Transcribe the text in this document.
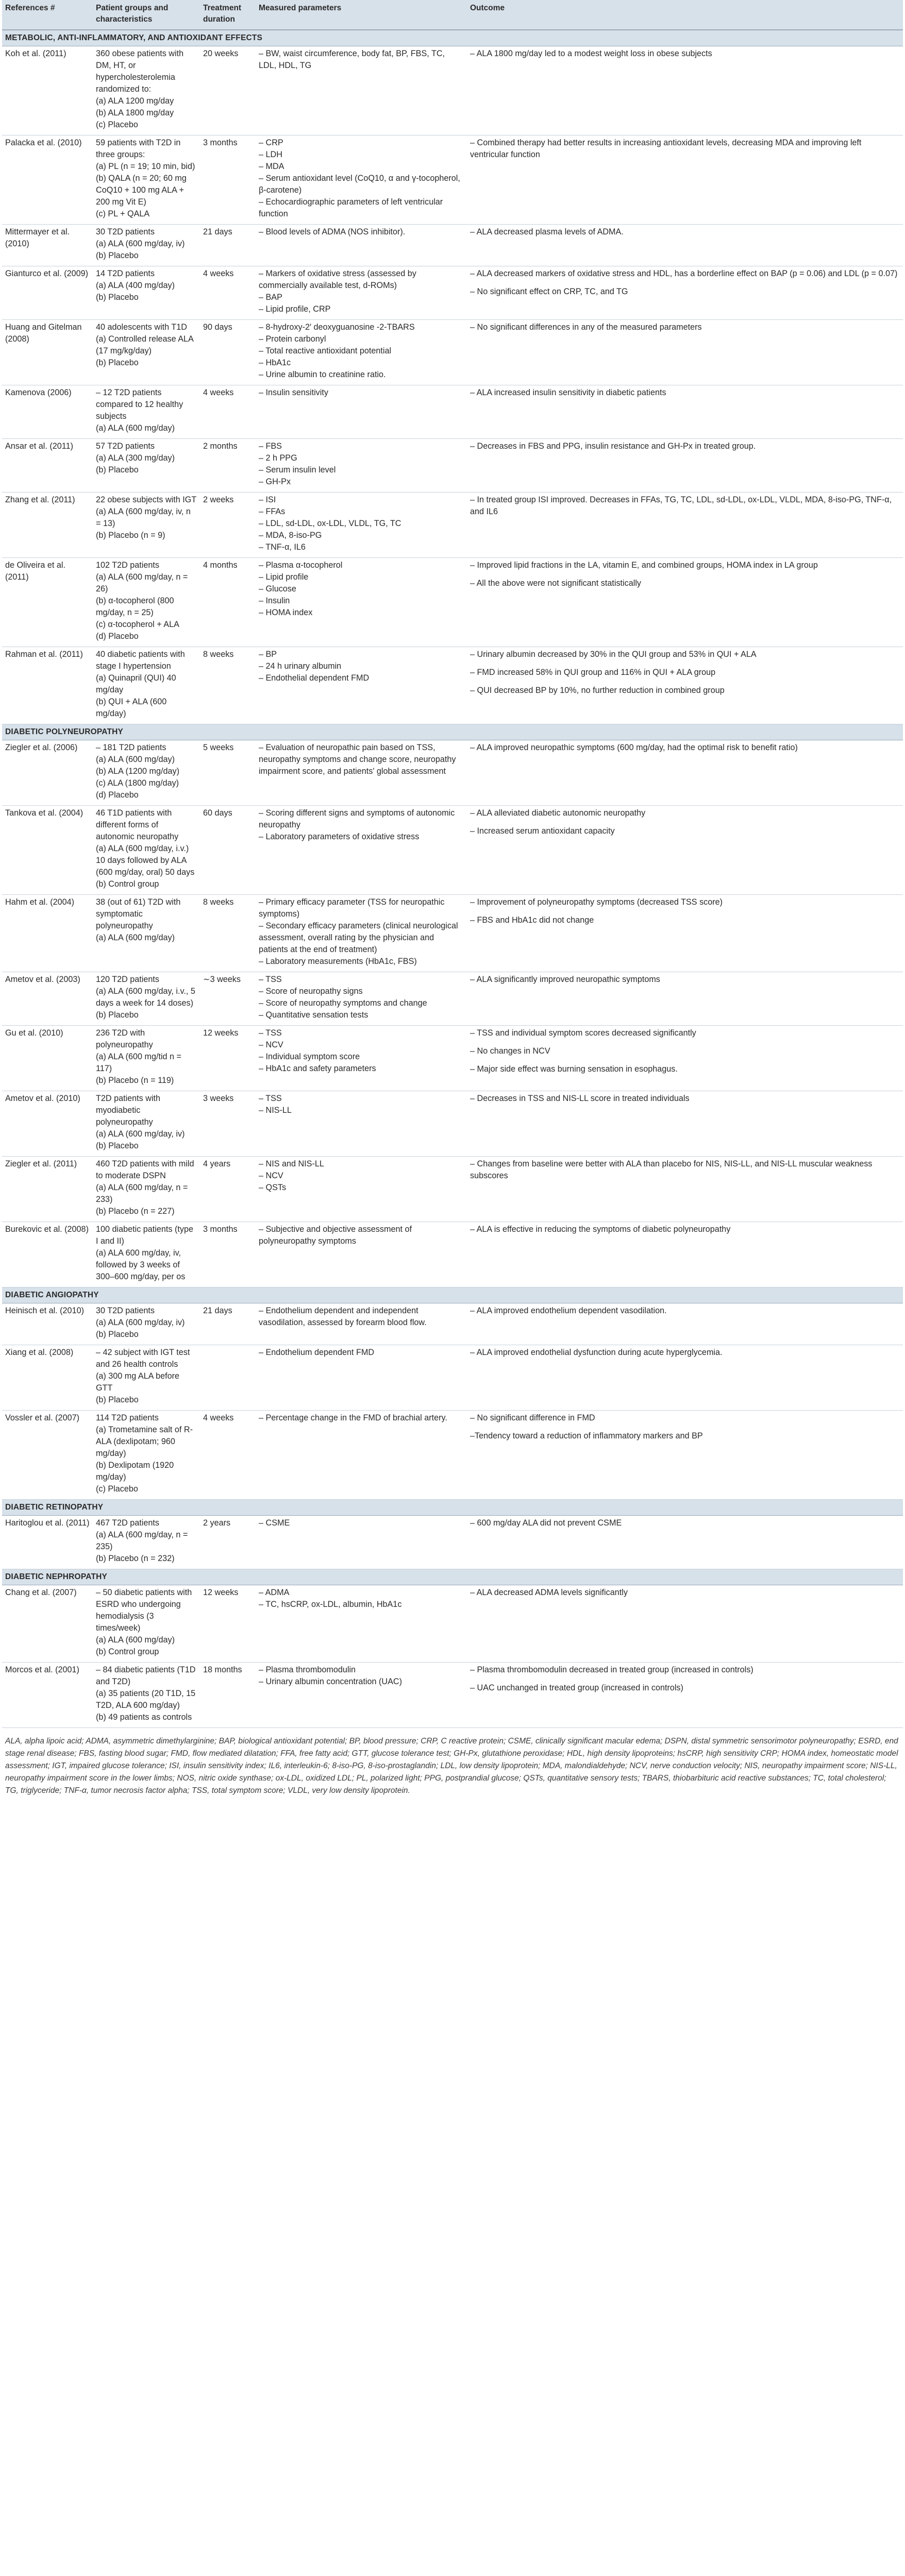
References #	Patient groups and characteristics	Treatment duration	Measured parameters	Outcome
METABOLIC, ANTI-INFLAMMATORY, AND ANTIOXIDANT EFFECTS				
Koh et al. (2011)	360 obese patients with DM, HT, or hypercholesterolemia randomized to:
(a) ALA 1200 mg/day
(b) ALA 1800 mg/day
(c) Placebo	20 weeks	– BW, waist circumference, body fat, BP, FBS, TC, LDL, HDL, TG	– ALA 1800 mg/day led to a modest weight loss in obese subjects

Palacka et al. (2010)	59 patients with T2D in three groups:
(a) PL (n = 19; 10 min, bid)
(b) QALA (n = 20; 60 mg CoQ10 + 100 mg ALA + 200 mg Vit E)
(c) PL + QALA	3 months	– CRP
– LDH
– MDA
– Serum antioxidant level (CoQ10, α and γ-tocopherol, β-carotene)
– Echocardiographic parameters of left ventricular function	– Combined therapy had better results in increasing antioxidant levels, decreasing MDA and improving left ventricular function

Mittermayer et al. (2010)	30 T2D patients
(a) ALA (600 mg/day, iv)
(b) Placebo	21 days	– Blood levels of ADMA (NOS inhibitor).	– ALA decreased plasma levels of ADMA.

Gianturco et al. (2009)	14 T2D patients
(a) ALA (400 mg/day)
(b) Placebo	4 weeks	– Markers of oxidative stress (assessed by commercially available test, d-ROMs)
– BAP
– Lipid profile, CRP	– ALA decreased markers of oxidative stress and HDL, has a borderline effect on BAP (p = 0.06) and LDL (p = 0.07)
– No significant effect on CRP, TC, and TG

Huang and Gitelman (2008)	40 adolescents with T1D
(a) Controlled release ALA (17 mg/kg/day)
(b) Placebo	90 days	– 8-hydroxy-2′ deoxyguanosine -2-TBARS
– Protein carbonyl
– Total reactive antioxidant potential
– HbA1c
– Urine albumin to creatinine ratio.	– No significant differences in any of the measured parameters

Kamenova (2006)	– 12 T2D patients compared to 12 healthy subjects
(a) ALA (600 mg/day)	4 weeks	– Insulin sensitivity	– ALA increased insulin sensitivity in diabetic patients

Ansar et al. (2011)	57 T2D patients
(a) ALA (300 mg/day)
(b) Placebo	2 months	– FBS
– 2 h PPG
– Serum insulin level
– GH-Px	– Decreases in FBS and PPG, insulin resistance and GH-Px in treated group.

Zhang et al. (2011)	22 obese subjects with IGT
(a) ALA (600 mg/day, iv, n = 13)
(b) Placebo (n = 9)	2 weeks	– ISI
– FFAs
– LDL, sd-LDL, ox-LDL, VLDL, TG, TC
– MDA, 8-iso-PG
– TNF-α, IL6	– In treated group ISI improved. Decreases in FFAs, TG, TC, LDL, sd-LDL, ox-LDL, VLDL, MDA, 8-iso-PG, TNF-α, and IL6

de Oliveira et al. (2011)	102 T2D patients
(a) ALA (600 mg/day, n = 26)
(b) α-tocopherol (800 mg/day, n = 25)
(c) α-tocopherol + ALA
(d) Placebo	4 months	– Plasma α-tocopherol
– Lipid profile
– Glucose
– Insulin
– HOMA index	– Improved lipid fractions in the LA, vitamin E, and combined groups, HOMA index in LA group
– All the above were not significant statistically

Rahman et al. (2011)	40 diabetic patients with stage I hypertension
(a) Quinapril (QUI) 40 mg/day
(b) QUI + ALA (600 mg/day)	8 weeks	– BP
– 24 h urinary albumin
– Endothelial dependent FMD	– Urinary albumin decreased by 30% in the QUI group and 53% in QUI + ALA
– FMD increased 58% in QUI group and 116% in QUI + ALA group
– QUI decreased BP by 10%, no further reduction in combined group

DIABETIC POLYNEUROPATHY				
Ziegler et al. (2006)	– 181 T2D patients
(a) ALA (600 mg/day)
(b) ALA (1200 mg/day)
(c) ALA (1800 mg/day)
(d) Placebo	5 weeks	– Evaluation of neuropathic pain based on TSS, neuropathy symptoms and change score, neuropathy impairment score, and patients' global assessment	– ALA improved neuropathic symptoms (600 mg/day, had the optimal risk to benefit ratio)

Tankova et al. (2004)	46 T1D patients with different forms of autonomic neuropathy
(a) ALA (600 mg/day, i.v.) 10 days followed by ALA (600 mg/day, oral) 50 days
(b) Control group	60 days	– Scoring different signs and symptoms of autonomic neuropathy
– Laboratory parameters of oxidative stress	– ALA alleviated diabetic autonomic neuropathy
– Increased serum antioxidant capacity

Hahm et al. (2004)	38 (out of 61) T2D with symptomatic polyneuropathy
(a) ALA (600 mg/day)	8 weeks	– Primary efficacy parameter (TSS for neuropathic symptoms)
– Secondary efficacy parameters (clinical neurological assessment, overall rating by the physician and patients at the end of treatment)
– Laboratory measurements (HbA1c, FBS)	– Improvement of polyneuropathy symptoms (decreased TSS score)
– FBS and HbA1c did not change

Ametov et al. (2003)	120 T2D patients
(a) ALA (600 mg/day, i.v., 5 days a week for 14 doses)
(b) Placebo	∼3 weeks	– TSS
– Score of neuropathy signs
– Score of neuropathy symptoms and change
– Quantitative sensation tests	– ALA significantly improved neuropathic symptoms

Gu et al. (2010)	236 T2D with polyneuropathy
(a) ALA (600 mg/tid n = 117)
(b) Placebo (n = 119)	12 weeks	– TSS
– NCV
– Individual symptom score
– HbA1c and safety parameters	– TSS and individual symptom scores decreased significantly
– No changes in NCV
– Major side effect was burning sensation in esophagus.

Ametov et al. (2010)	T2D patients with myodiabetic polyneuropathy
(a) ALA (600 mg/day, iv)
(b) Placebo	3 weeks	– TSS
– NIS-LL	– Decreases in TSS and NIS-LL score in treated individuals

Ziegler et al. (2011)	460 T2D patients with mild to moderate DSPN
(a) ALA (600 mg/day, n = 233)
(b) Placebo (n = 227)	4 years	– NIS and NIS-LL
– NCV
– QSTs	– Changes from baseline were better with ALA than placebo for NIS, NIS-LL, and NIS-LL muscular weakness subscores

Burekovic et al. (2008)	100 diabetic patients (type I and II)
(a) ALA 600 mg/day, iv, followed by 3 weeks of 300–600 mg/day, per os	3 months	– Subjective and objective assessment of polyneuropathy symptoms	– ALA is effective in reducing the symptoms of diabetic polyneuropathy

DIABETIC ANGIOPATHY				
Heinisch et al. (2010)	30 T2D patients
(a) ALA (600 mg/day, iv)
(b) Placebo	21 days	– Endothelium dependent and independent vasodilation, assessed by forearm blood flow.	– ALA improved endothelium dependent vasodilation.

Xiang et al. (2008)	– 42 subject with IGT test and 26 health controls
(a) 300 mg ALA before GTT
(b) Placebo		– Endothelium dependent FMD	– ALA improved endothelial dysfunction during acute hyperglycemia.

Vossler et al. (2007)	114 T2D patients
(a) Trometamine salt of R-ALA (dexlipotam; 960 mg/day)
(b) Dexlipotam (1920 mg/day)
(c) Placebo	4 weeks	– Percentage change in the FMD of brachial artery.	– No significant difference in FMD
–Tendency toward a reduction of inflammatory markers and BP

DIABETIC RETINOPATHY				
Haritoglou et al. (2011)	467 T2D patients
(a) ALA (600 mg/day, n = 235)
(b) Placebo (n = 232)	2 years	– CSME	– 600 mg/day ALA did not prevent CSME

DIABETIC NEPHROPATHY				
Chang et al. (2007)	– 50 diabetic patients with ESRD who undergoing hemodialysis (3 times/week)
(a) ALA (600 mg/day)
(b) Control group	12 weeks	– ADMA
– TC, hsCRP, ox-LDL, albumin, HbA1c	– ALA decreased ADMA levels significantly

Morcos et al. (2001)	– 84 diabetic patients (T1D and T2D)
(a) 35 patients (20 T1D, 15 T2D, ALA 600 mg/day)
(b) 49 patients as controls	18 months	– Plasma thrombomodulin
– Urinary albumin concentration (UAC)	– Plasma thrombomodulin decreased in treated group (increased in controls)
– UAC unchanged in treated group (increased in controls)
ALA, alpha lipoic acid; ADMA, asymmetric dimethylarginine; BAP, biological antioxidant potential; BP, blood pressure; CRP, C reactive protein; CSME, clinically significant macular edema; DSPN, distal symmetric sensorimotor polyneuropathy; ESRD, end stage renal disease; FBS, fasting blood sugar; FMD, flow mediated dilatation; FFA, free fatty acid; GTT, glucose tolerance test; GH-Px, glutathione peroxidase; HDL, high density lipoproteins; hsCRP, high sensitivity CRP; HOMA index, homeostatic model assessment; IGT, impaired glucose tolerance; ISI, insulin sensitivity index; IL6, interleukin-6; 8-iso-PG, 8-iso-prostaglandin; LDL, low density lipoprotein; MDA, malondialdehyde; NCV, nerve conduction velocity; NIS, neuropathy impairment score; NIS-LL, neuropathy impairment score in the lower limbs; NOS, nitric oxide synthase; ox-LDL, oxidized LDL; PL, polarized light; PPG, postprandial glucose; QSTs, quantitative sensory tests; TBARS, thiobarbituric acid reactive substances; TC, total cholesterol; TG, triglyceride; TNF-α, tumor necrosis factor alpha; TSS, total symptom score; VLDL, very low density lipoprotein.
